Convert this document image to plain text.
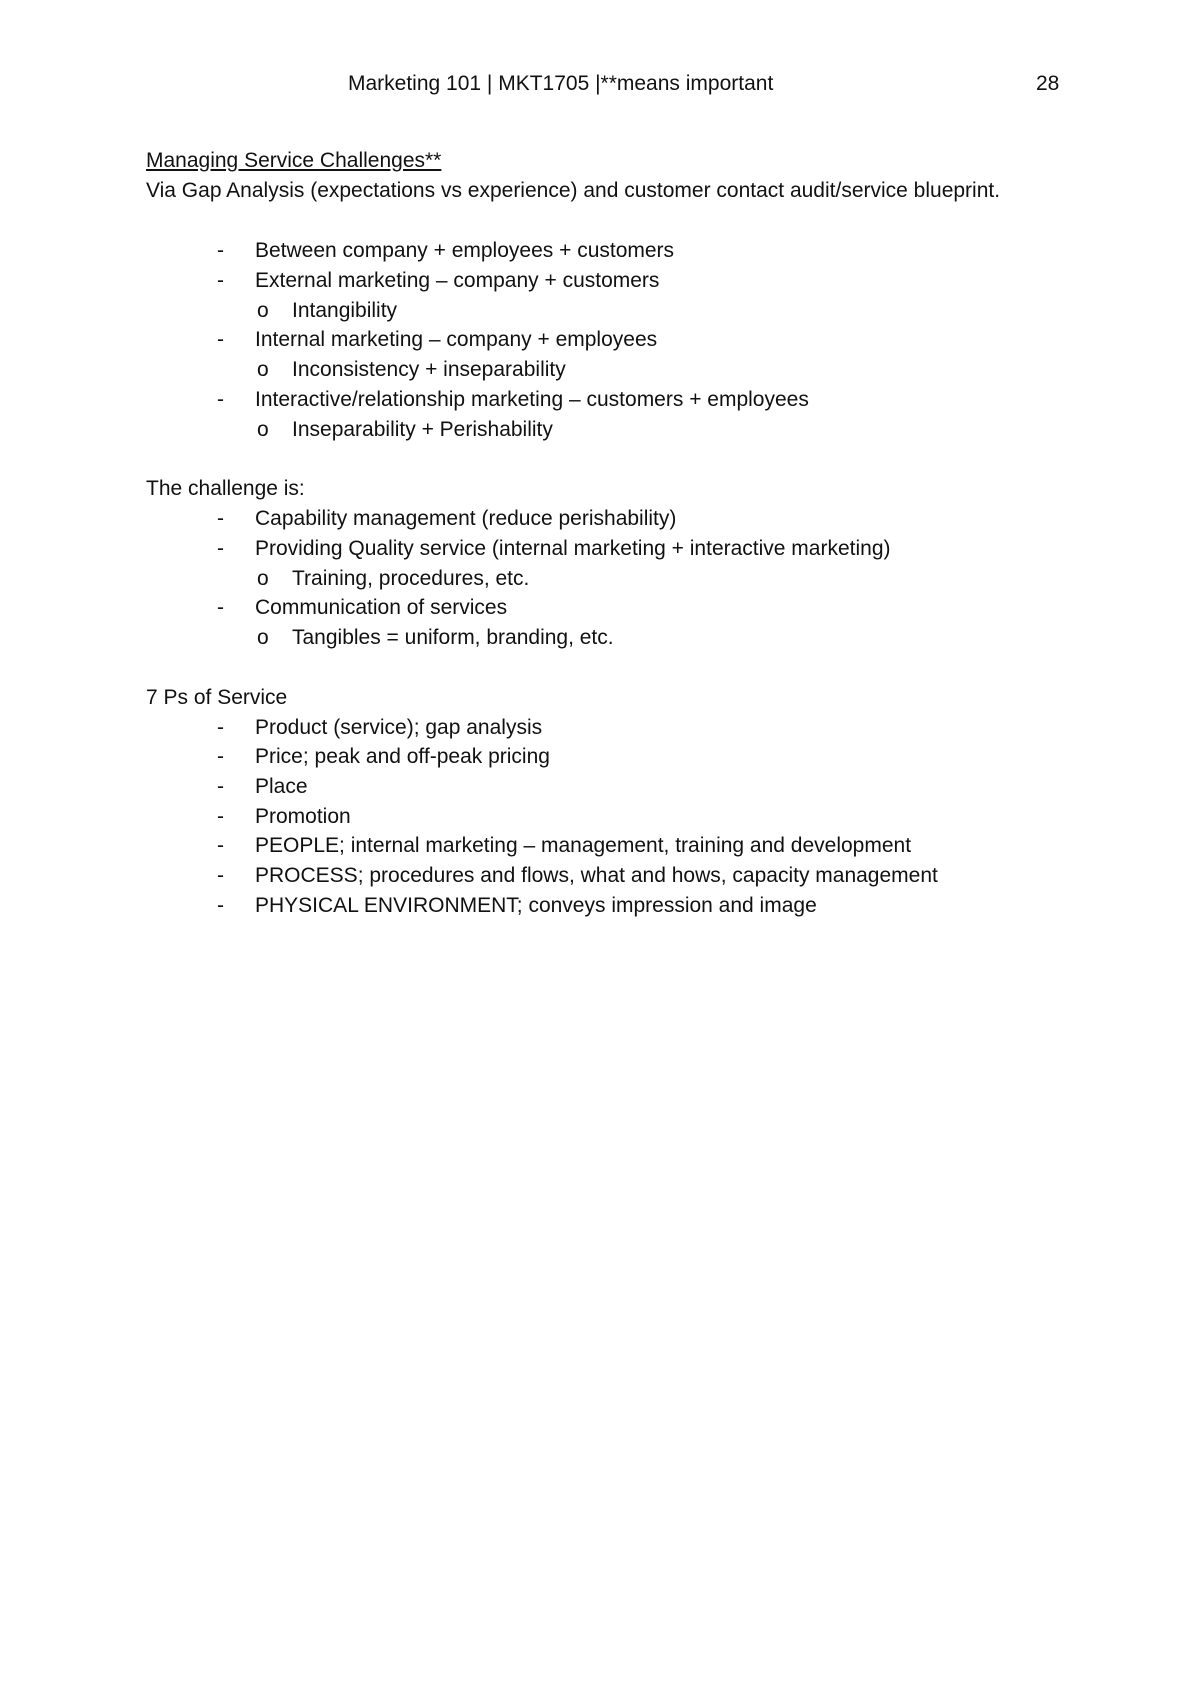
Marketing 101 | MKT1705 |**means important	28
Managing Service Challenges**
Via Gap Analysis (expectations vs experience) and customer contact audit/service blueprint.
-	Between company + employees + customers
-	External marketing – company + customers
o Intangibility
-	Internal marketing – company + employees
o Inconsistency + inseparability
-	Interactive/relationship marketing – customers + employees
o Inseparability + Perishability
The challenge is:
-	Capability management (reduce perishability)
-	Providing Quality service (internal marketing + interactive marketing)
o Training, procedures, etc.
-	Communication of services
o Tangibles = uniform, branding, etc.
7 Ps of Service
-	Product (service); gap analysis
-	Price; peak and off-peak pricing
-	Place
-	Promotion
-	PEOPLE; internal marketing – management, training and development
-	PROCESS; procedures and flows, what and hows, capacity management
-	PHYSICAL ENVIRONMENT; conveys impression and image
